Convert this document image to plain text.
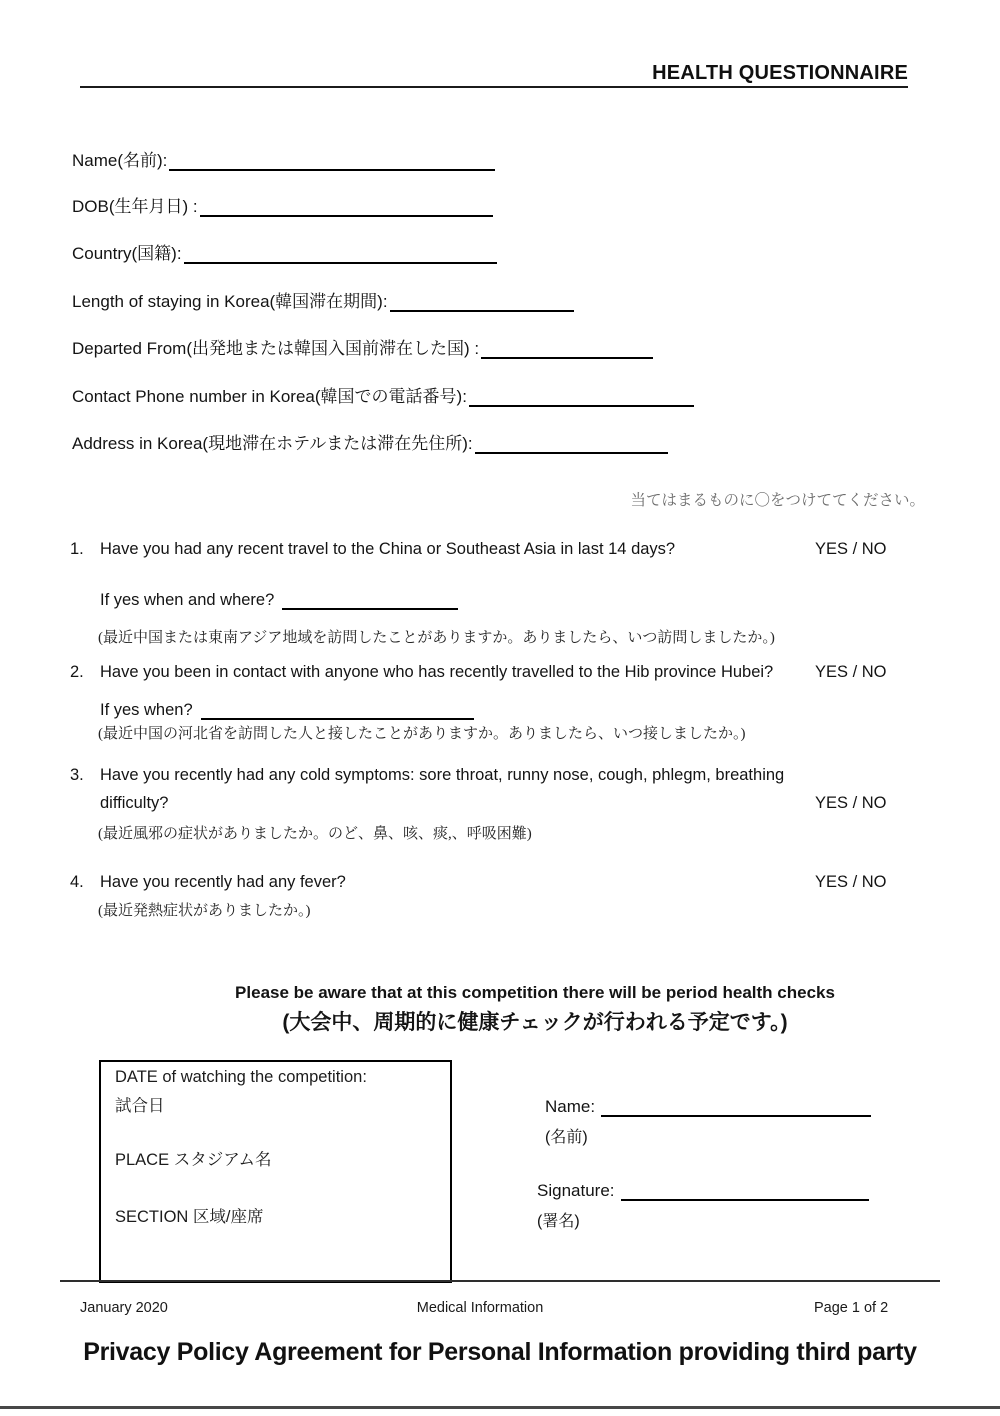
HEALTH QUESTIONNAIRE
Name(名前):
DOB(生年月日) :
Country(国籍):
Length of staying in Korea(韓国滞在期間):
Departed From(出発地または韓国入国前滞在した国) :
Contact Phone number in Korea(韓国での電話番号):
Address in Korea(現地滞在ホテルまたは滞在先住所):
当てはまるものに〇をつけててください。
1. Have you had any recent travel to the China or Southeast Asia in last 14 days?	YES / NO
If yes when and where?
(最近中国または東南アジア地域を訪問したことがありますか。ありましたら、いつ訪問しましたか。)
2. Have you been in contact with anyone who has recently travelled to the Hib province Hubei?	YES / NO
If yes when?
(最近中国の河北省を訪問した人と接したことがありますか。ありましたら、いつ接しましたか。)
3. Have you recently had any cold symptoms: sore throat, runny nose, cough, phlegm, breathing
difficulty?	YES / NO
(最近風邪の症状がありましたか。のど、鼻、咳、痰,、呼吸困難)
4. Have you recently had any fever?	YES / NO
(最近発熱症状がありましたか。)
Please be aware that at this competition there will be period health checks
(大会中、周期的に健康チェックが行われる予定です。)
DATE of watching the competition:
試合日
PLACE スタジアム名
SECTION 区域/座席
Name:
(名前)
Signature:
(署名)
January 2020	Medical Information	Page 1 of 2
Privacy Policy Agreement for Personal Information providing third party
